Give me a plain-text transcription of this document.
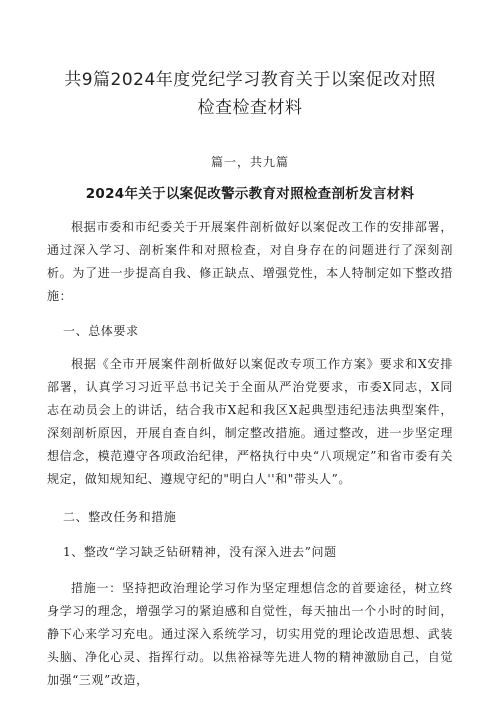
共9篇2024年度党纪学习教育关于以案促改对照检查检查材料
篇一，共九篇
2024年关于以案促改警示教育对照检查剖析发言材料

根据市委和市纪委关于开展案件剖析做好以案促改工作的安排部署，通过深入学习、剖析案件和对照检查，对自身存在的问题进行了深刻剖析。为了进一步提高自我、修正缺点、增强党性，本人特制定如下整改措施：

一、总体要求

根据《全市开展案件剖析做好以案促改专项工作方案》要求和X安排部署，认真学习习近平总书记关于全面从严治党要求，市委X同志，X同志在动员会上的讲话，结合我市X起和我区X起典型违纪违法典型案件，深刻剖析原因，开展自查自纠，制定整改措施。通过整改，进一步坚定理想信念，模范遵守各项政治纪律，严格执行中央“八项规定”和省市委有关规定，做知规知纪、遵规守纪的"明白人''和"带头人”。

二、整改任务和措施
1、整改“学习缺乏钻研精神，没有深入进去”问题

措施一：坚持把政治理论学习作为坚定理想信念的首要途径，树立终身学习的理念，增强学习的紧迫感和自觉性，每天抽出一个小时的时间，静下心来学习充电。通过深入系统学习，切实用党的理论改造思想、武装头脑、净化心灵、指挥行动。以焦裕禄等先进人物的精神激励自己，自觉加强“三观”改造，
